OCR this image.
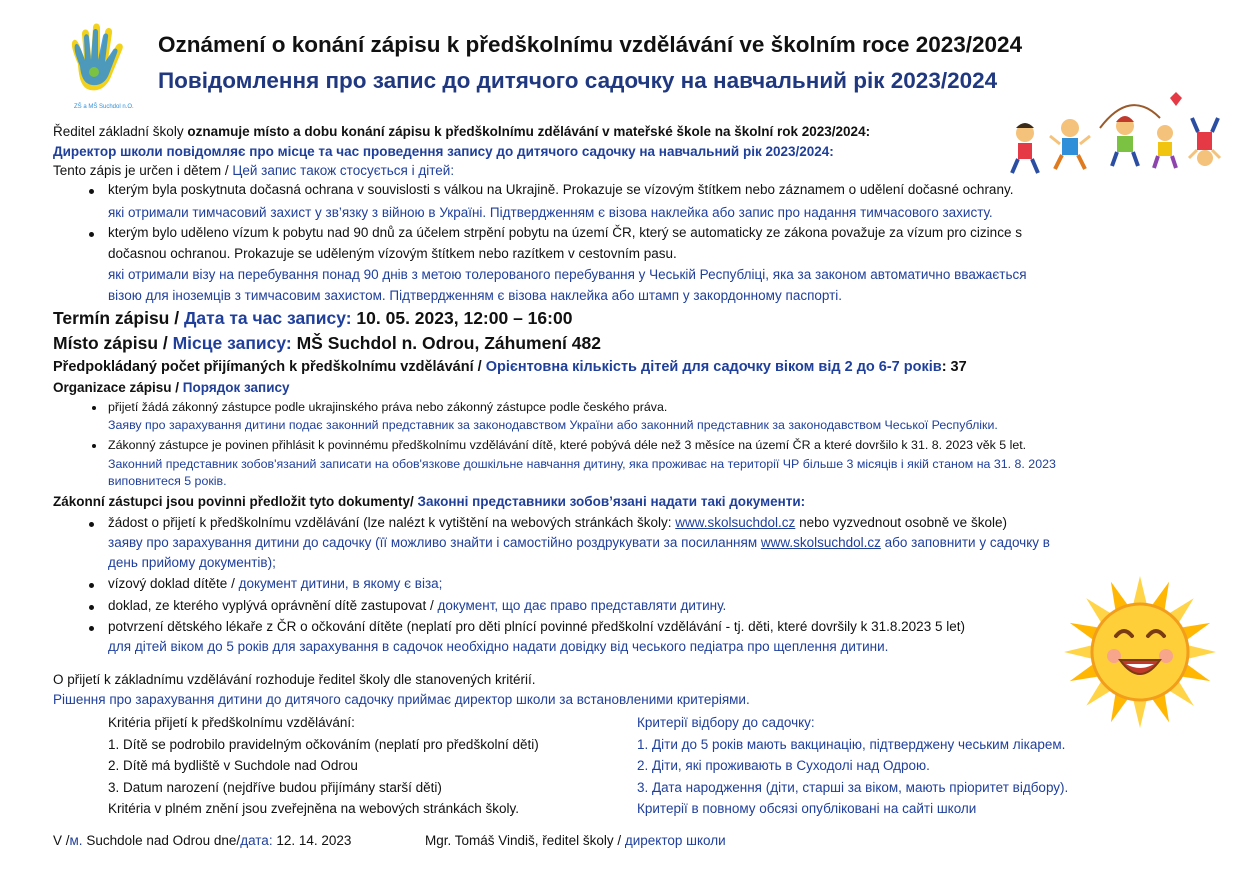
ZŠ a MŠ Suchdol n.O.
Oznámení o konání zápisu k předškolnímu vzdělávání ve školním roce 2023/2024
Повідомлення про запис до дитячого садочку на навчальний рік 2023/2024
Ředitel základní školy oznamuje místo a dobu konání zápisu k předškolnímu zdělávání v mateřské škole na školní rok 2023/2024:
Директор школи повідомляє про місце та час проведення запису до дитячого садочку на навчальний рік 2023/2024:
Tento zápis je určen i dětem / Цей запис також стосується і дітей:
kterým byla poskytnuta dočasná ochrana v souvislosti s válkou na Ukrajině. Prokazuje se vízovým štítkem nebo záznamem o udělení dočasné ochrany.
які отримали тимчасовий захист у зв’язку з війною в Україні. Підтвердженням є візова наклейка або запис про надання тимчасового захисту.
kterým bylo uděleno vízum k pobytu nad 90 dnů za účelem strpění pobytu na území ČR, který se automaticky ze zákona považuje za vízum pro cizince s
dočasnou ochranou. Prokazuje se uděleným vízovým štítkem nebo razítkem v cestovním pasu.
які отримали візу на перебування понад 90 днів з метою толерованого перебування у Чеській Республіці, яка за законом автоматично вважається
візою для іноземців з тимчасовим захистом. Підтвердженням є візова наклейка або штамп у закордонному паспорті.
Termín zápisu / Дата та час запису: 10. 05. 2023, 12:00 – 16:00
Místo zápisu / Місце запису: MŠ Suchdol n. Odrou, Záhumení 482
Předpokládaný počet přijímaných k předškolnímu vzdělávání / Орієнтовна кількість дітей для садочку віком від 2 до 6-7 років: 37
Organizace zápisu / Порядок запису
přijetí žádá zákonný zástupce podle ukrajinského práva nebo zákonný zástupce podle českého práva.
Заяву про зарахування дитини подає законний представник за законодавством України або законний представник за законодавством Чеської Республіки.
Zákonný zástupce je povinen přihlásit k povinnému předškolnímu vzdělávání dítě, které pobývá déle než 3 měsíce na území ČR a které dovršilo k 31. 8. 2023 věk 5 let.
Законний представник зобов'язаний записати на обов'язкове дошкільне навчання дитину, яка проживає на території ЧР більше 3 місяців і якій станом на 31. 8. 2023
виповнитеся 5 років.
Zákonní zástupci jsou povinni předložit tyto dokumenty/ Законні представники зобов’язані надати такі документи:
žádost o přijetí k předškolnímu vzdělávání (lze nalézt k vytištění na webových stránkách školy: www.skolsuchdol.cz nebo vyzvednout osobně ve škole)
заяву про зарахування дитини до садочку (її можливо знайти і самостійно роздрукувати за посиланням www.skolsuchdol.cz або заповнити у садочку в
день прийому документів);
vízový doklad dítěte / документ дитини, в якому є віза;
doklad, ze kterého vyplývá oprávnění dítě zastupovat / документ, що дає право представляти дитину.
potvrzení dětského lékaře z ČR o očkování dítěte (neplatí pro děti plnící povinné předškolní vzdělávání - tj. děti, které dovršily k 31.8.2023 5 let)
для дітей віком до 5 років для зарахування в садочок необхідно надати довідку від чеського педіатра про щеплення дитини.
O přijetí k základnímu vzdělávání rozhoduje ředitel školy dle stanovených kritérií.
Рішення про зарахування дитини до дитячого садочку приймає директор школи за встановленими критеріями.
Kritéria přijetí k předškolnímu vzdělávání:
1. Dítě se podrobilo pravidelným očkováním (neplatí pro předškolní děti)
2. Dítě má bydliště v Suchdole nad Odrou
3. Datum narození (nejdříve budou přijímány starší děti)
Kritéria v plném znění jsou zveřejněna na webových stránkách školy.
Критерії відбору до садочку:
1. Діти до 5 років мають вакцинацію, підтверджену чеським лікарем.
2. Діти, які проживають в Суходолі над Одрою.
3. Дата народження (діти, старші за віком, мають пріоритет відбору).
Критерії в повному обсязі опубліковані на сайті школи
V /м. Suchdole nad Odrou dne/дата: 12. 14. 2023	Mgr. Tomáš Vindiš, ředitel školy / директор школи
